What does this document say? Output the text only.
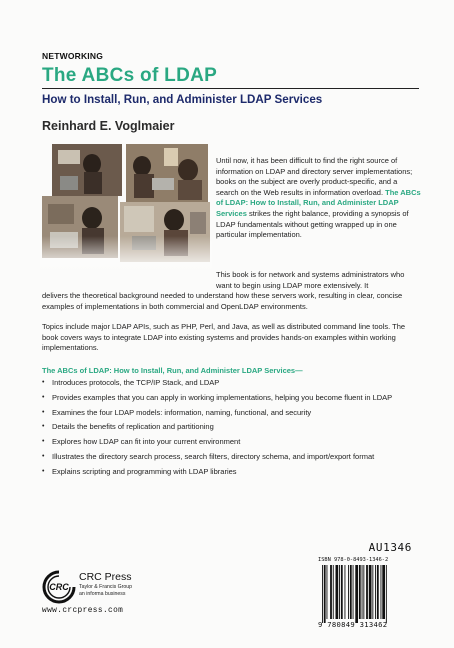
NETWORKING
The ABCs of LDAP
How to Install, Run, and Administer LDAP Services
Reinhard E. Voglmaier
Until now, it has been difficult to find the right source of information on LDAP and directory server implementations; books on the subject are overly product-specific, and a search on the Web results in information overload. The ABCs of LDAP: How to Install, Run, and Administer LDAP Services strikes the right balance, providing a synopsis of LDAP fundamentals without getting wrapped up in one particular implementation.
This book is for network and systems administrators who want to begin using LDAP more extensively. It
delivers the theoretical background needed to understand how these servers work, resulting in clear, concise examples of implementations in both commercial and OpenLDAP environments.
Topics include major LDAP APIs, such as PHP, Perl, and Java, as well as distributed command line tools. The book covers ways to integrate LDAP into existing systems and provides hands-on examples within working implementations.
The ABCs of LDAP: How to Install, Run, and Administer LDAP Services—
• Introduces protocols, the TCP/IP Stack, and LDAP
• Provides examples that you can apply in working implementations, helping you become fluent in LDAP
• Examines the four LDAP models: information, naming, functional, and security
• Details the benefits of replication and partitioning
• Explores how LDAP can fit into your current environment
• Illustrates the directory search process, search filters, directory schema, and import/export format
• Explains scripting and programming with LDAP libraries
CRC
CRC Press
Taylor & Francis Group
an informa business
www.crcpress.com
AU1346
ISBN 978-0-8493-1346-2
9 780849 313462
